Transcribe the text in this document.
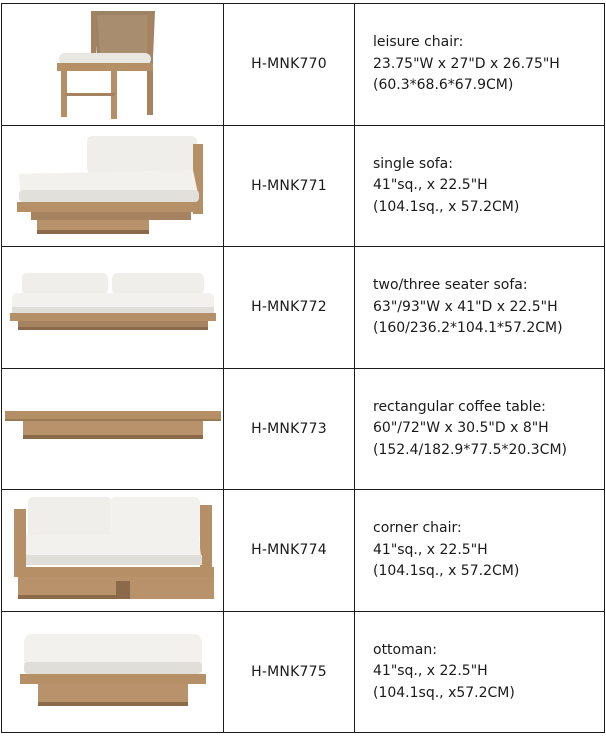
	H-MNK770	leisure chair:
23.75"W x 27"D x 26.75"H
(60.3*68.6*67.9CM)

	H-MNK771	single sofa:
41"sq., x 22.5"H
(104.1sq., x 57.2CM)

	H-MNK772	two/three seater sofa:
63"/93"W x 41"D x 22.5"H
(160/236.2*104.1*57.2CM)

	H-MNK773	rectangular coffee table:
60"/72"W x 30.5"D x 8"H
(152.4/182.9*77.5*20.3CM)

	H-MNK774	corner chair:
41"sq., x 22.5"H
(104.1sq., x 57.2CM)

	H-MNK775	ottoman:
41"sq., x 22.5"H
(104.1sq., x57.2CM)
